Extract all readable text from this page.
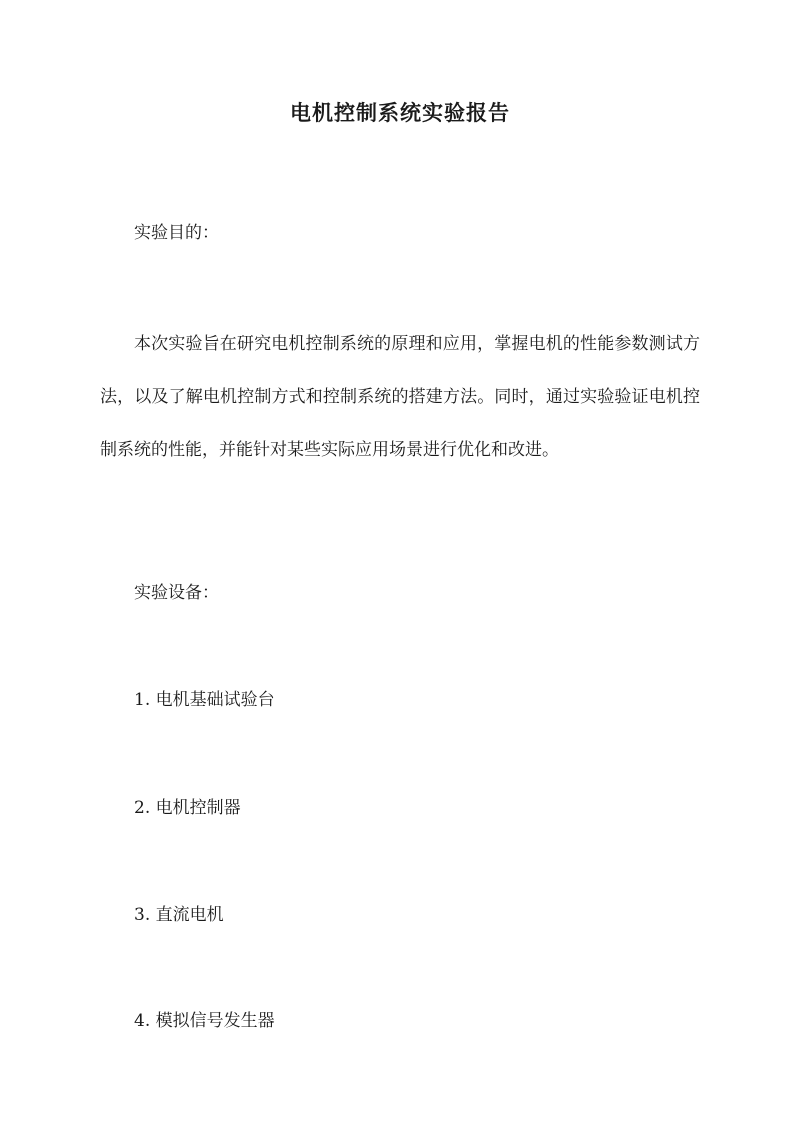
电机控制系统实验报告
实验目的：

本次实验旨在研究电机控制系统的原理和应用，掌握电机的性能参数测试方法，以及了解电机控制方式和控制系统的搭建方法。同时，通过实验验证电机控制系统的性能，并能针对某些实际应用场景进行优化和改进。

实验设备：
1. 电机基础试验台
2. 电机控制器
3. 直流电机
4. 模拟信号发生器
